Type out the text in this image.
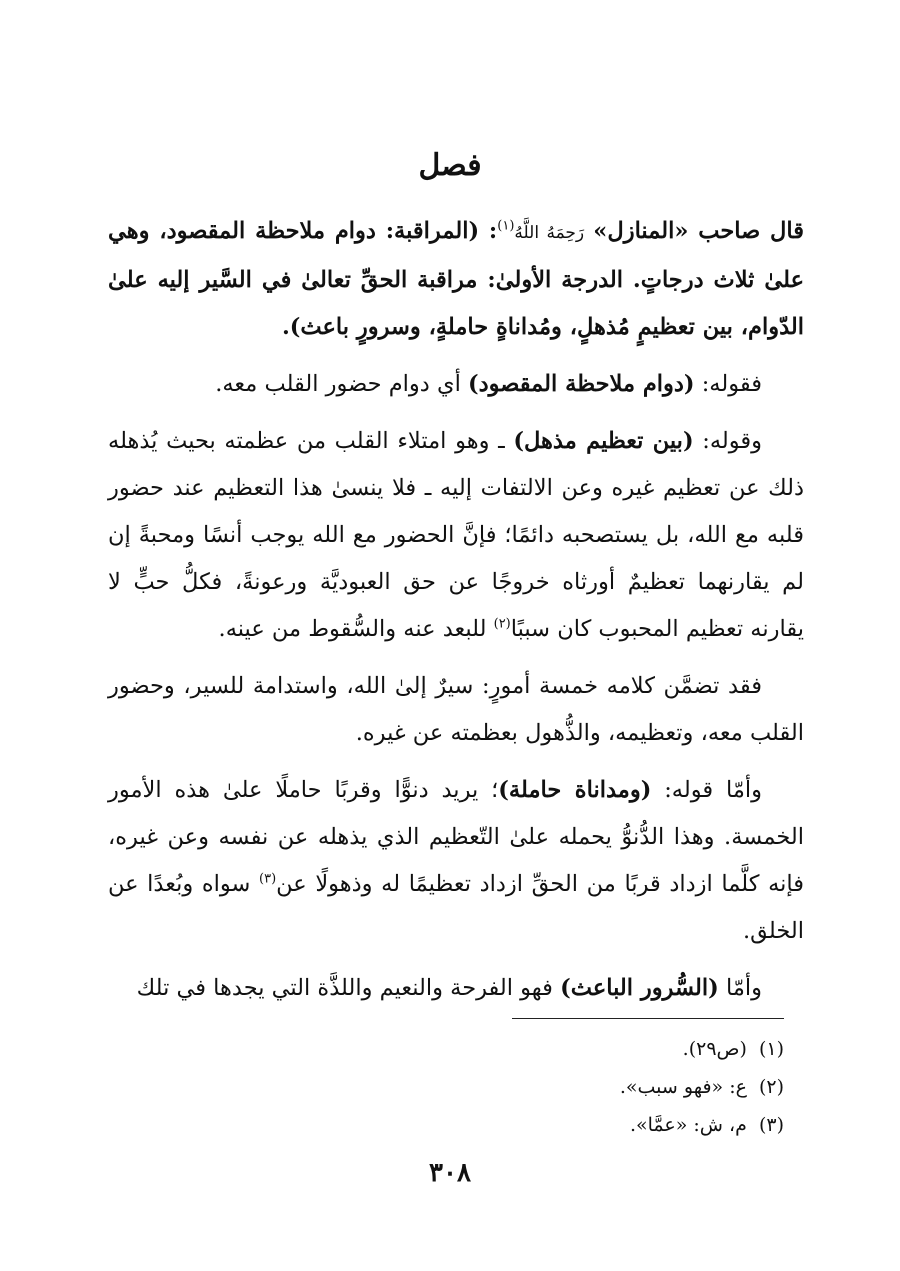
فصل

قال صاحب «المنازل» رَحِمَهُ اللَّهُ$^{(١)}$: (المراقبة: دوام ملاحظة المقصود، وهي علىٰ ثلاث درجاتٍ. الدرجة الأولىٰ: مراقبة الحقِّ تعالىٰ في السَّير إليه علىٰ الدّوام، بين تعظيمٍ مُذهلٍ، ومُداناةٍ حاملةٍ، وسرورٍ باعث).

فقوله: (دوام ملاحظة المقصود) أي دوام حضور القلب معه.

وقوله: (بين تعظيم مذهل) ـ وهو امتلاء القلب من عظمته بحيث يُذهله ذلك عن تعظيم غيره وعن الالتفات إليه ـ فلا ينسىٰ هذا التعظيم عند حضور قلبه مع الله، بل يستصحبه دائمًا؛ فإنَّ الحضور مع الله يوجب أنسًا ومحبةً إن لم يقارنهما تعظيمٌ أورثاه خروجًا عن حق العبوديَّة ورعونةً، فكلُّ حبٍّ لا يقارنه تعظيم المحبوب كان سببًا$^{(٢)}$ للبعد عنه والسُّقوط من عينه.

فقد تضمَّن كلامه خمسة أمورٍ: سيرٌ إلىٰ الله، واستدامة للسير، وحضور القلب معه، وتعظيمه، والذُّهول بعظمته عن غيره.

وأمّا قوله: (ومداناة حاملة)؛ يريد دنوًّا وقربًا حاملًا علىٰ هذه الأمور الخمسة. وهذا الدُّنوُّ يحمله علىٰ التّعظيم الذي يذهله عن نفسه وعن غيره، فإنه كلَّما ازداد قربًا من الحقِّ ازداد تعظيمًا له وذهولًا عن$^{(٣)}$ سواه وبُعدًا عن الخلق.

وأمّا (السُّرور الباعث) فهو الفرحة والنعيم واللذَّة التي يجدها في تلك

(١)(ص٢٩).
(٢)ع: «فهو سبب».
(٣)م، ش: «عمَّا».
٣٠٨
